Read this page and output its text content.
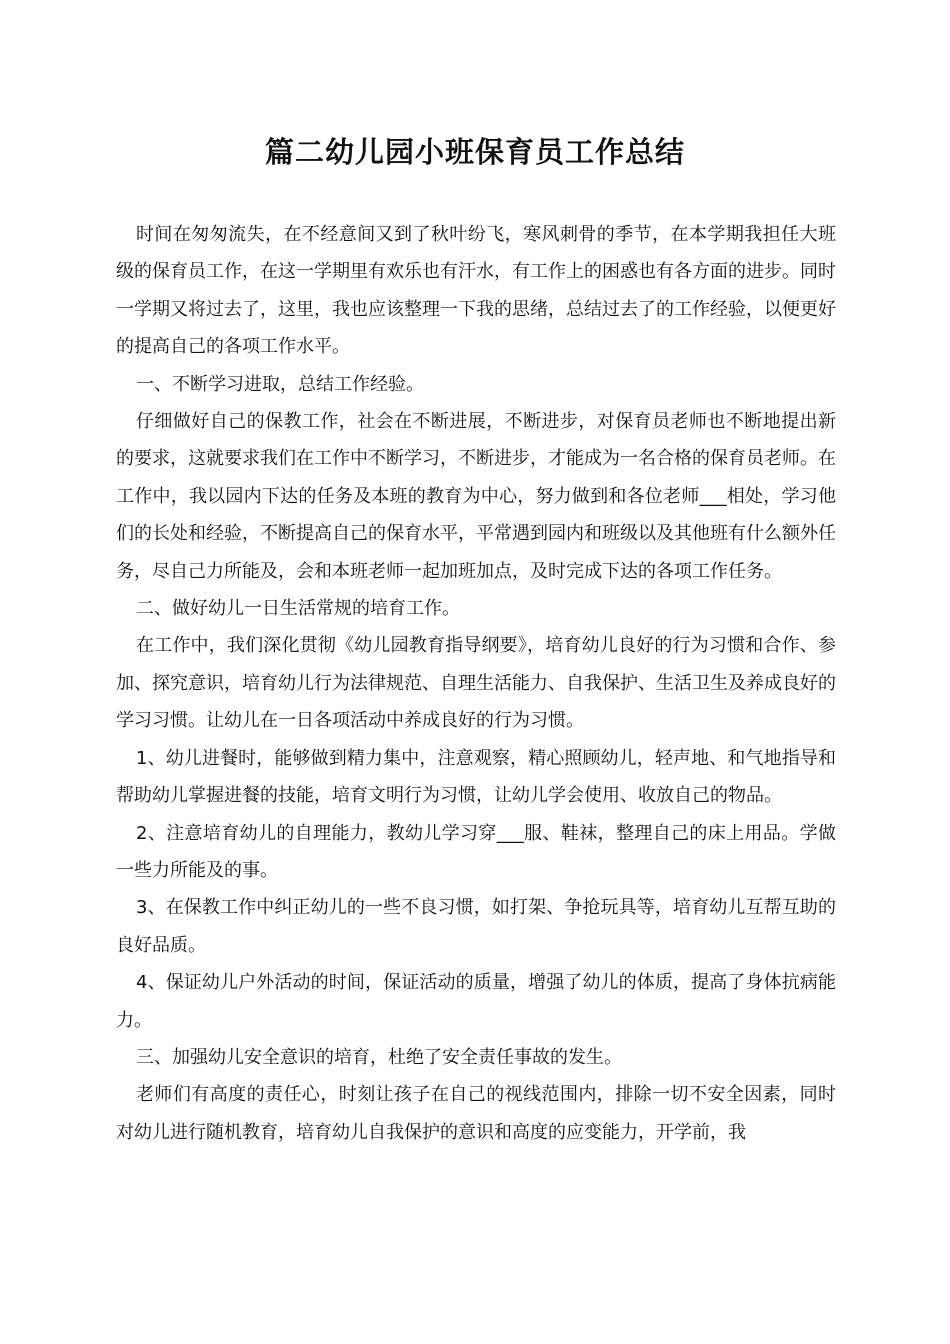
篇二幼儿园小班保育员工作总结

时间在匆匆流失，在不经意间又到了秋叶纷飞，寒风刺骨的季节，在本学期我担任大班级的保育员工作，在这一学期里有欢乐也有汗水，有工作上的困惑也有各方面的进步。同时一学期又将过去了，这里，我也应该整理一下我的思绪，总结过去了的工作经验，以便更好的提高自己的各项工作水平。

一、不断学习进取，总结工作经验。

仔细做好自己的保教工作，社会在不断进展，不断进步，对保育员老师也不断地提出新的要求，这就要求我们在工作中不断学习，不断进步，才能成为一名合格的保育员老师。在工作中，我以园内下达的任务及本班的教育为中心，努力做到和各位老师___相处，学习他们的长处和经验，不断提高自己的保育水平，平常遇到园内和班级以及其他班有什么额外任务，尽自己力所能及，会和本班老师一起加班加点，及时完成下达的各项工作任务。

二、做好幼儿一日生活常规的培育工作。

在工作中，我们深化贯彻《幼儿园教育指导纲要》，培育幼儿良好的行为习惯和合作、参加、探究意识，培育幼儿行为法律规范、自理生活能力、自我保护、生活卫生及养成良好的学习习惯。让幼儿在一日各项活动中养成良好的行为习惯。

1、幼儿进餐时，能够做到精力集中，注意观察，精心照顾幼儿，轻声地、和气地指导和帮助幼儿掌握进餐的技能，培育文明行为习惯，让幼儿学会使用、收放自己的物品。

2、注意培育幼儿的自理能力，教幼儿学习穿___服、鞋袜，整理自己的床上用品。学做一些力所能及的事。

3、在保教工作中纠正幼儿的一些不良习惯，如打架、争抢玩具等，培育幼儿互帮互助的良好品质。

4、保证幼儿户外活动的时间，保证活动的质量，增强了幼儿的体质，提高了身体抗病能力。

三、加强幼儿安全意识的培育，杜绝了安全责任事故的发生。

老师们有高度的责任心，时刻让孩子在自己的视线范围内，排除一切不安全因素，同时对幼儿进行随机教育，培育幼儿自我保护的意识和高度的应变能力，开学前，我
